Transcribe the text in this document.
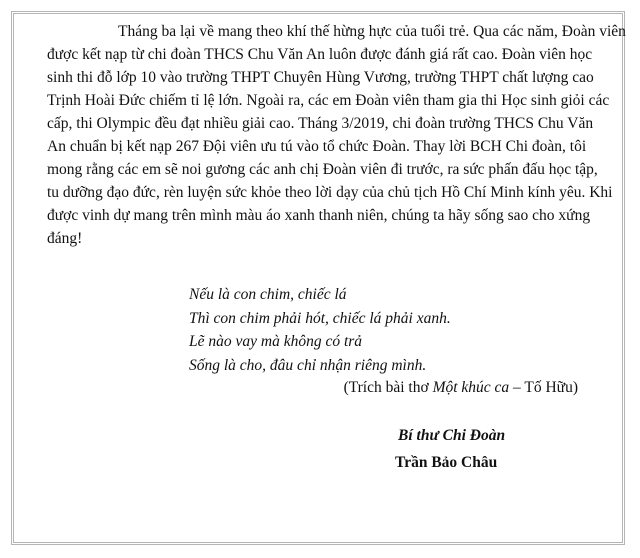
Tháng ba lại về mang theo khí thế hừng hực của tuổi trẻ. Qua các năm, Đoàn viên
được kết nạp từ chi đoàn THCS Chu Văn An luôn được đánh giá rất cao. Đoàn viên học
sinh thi đỗ lớp 10 vào trường THPT Chuyên Hùng Vương, trường THPT chất lượng cao
Trịnh Hoài Đức chiếm tỉ lệ lớn. Ngoài ra, các em Đoàn viên tham gia thi Học sinh giỏi các
cấp, thi Olympic đều đạt nhiều giải cao. Tháng 3/2019, chi đoàn trường THCS Chu Văn
An chuẩn bị kết nạp 267 Đội viên ưu tú vào tổ chức Đoàn. Thay lời BCH Chi đoàn, tôi
mong rằng các em sẽ noi gương các anh chị Đoàn viên đi trước, ra sức phấn đấu học tập,
tu dưỡng đạo đức, rèn luyện sức khỏe theo lời dạy của chủ tịch Hồ Chí Minh kính yêu. Khi
được vinh dự mang trên mình màu áo xanh thanh niên, chúng ta hãy sống sao cho xứng
đáng!
Nếu là con chim, chiếc lá
Thì con chim phải hót, chiếc lá phải xanh.
Lẽ nào vay mà không có trả
Sống là cho, đâu chỉ nhận riêng mình.
(Trích bài thơ Một khúc ca – Tố Hữu)
Bí thư Chi Đoàn
Trần Bảo Châu
